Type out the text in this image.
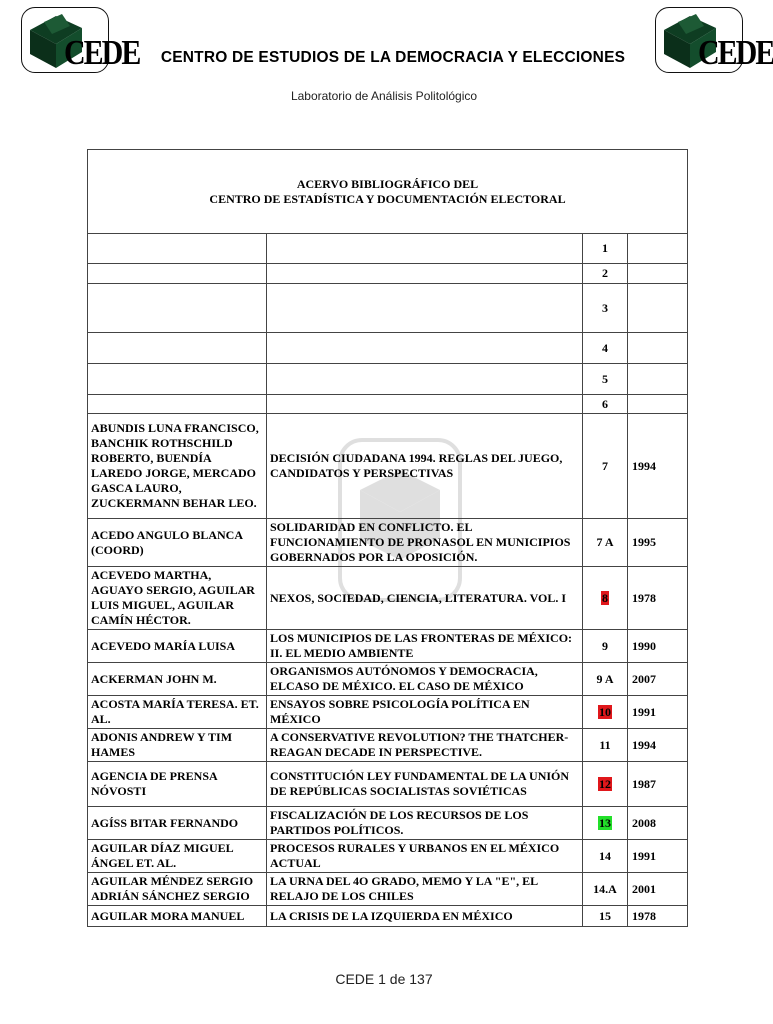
CEDE	CENTRO DE ESTUDIOS DE LA DEMOCRACIA Y ELECCIONES	CEDE
Laboratorio de Análisis Politológico
ACERVO BIBLIOGRÁFICO DEL
CENTRO DE ESTADÍSTICA Y DOCUMENTACIÓN ELECTORAL			

		1	
		2	
		3	
		4	
		5	
		6	
ABUNDIS LUNA FRANCISCO, BANCHIK ROTHSCHILD ROBERTO, BUENDÍA LAREDO JORGE, MERCADO GASCA LAURO, ZUCKERMANN BEHAR LEO.	DECISIÓN CIUDADANA 1994. REGLAS DEL JUEGO, CANDIDATOS Y PERSPECTIVAS	7	1994
ACEDO ANGULO BLANCA (COORD)	SOLIDARIDAD EN CONFLICTO. EL FUNCIONAMIENTO DE PRONASOL EN MUNICIPIOS GOBERNADOS POR LA OPOSICIÓN.	7 A	1995
ACEVEDO MARTHA, AGUAYO SERGIO, AGUILAR LUIS MIGUEL, AGUILAR CAMÍN HÉCTOR.	NEXOS, SOCIEDAD, CIENCIA, LITERATURA. VOL. I	8	1978
ACEVEDO MARÍA LUISA	LOS MUNICIPIOS DE LAS FRONTERAS DE MÉXICO: II. EL MEDIO AMBIENTE	9	1990
ACKERMAN JOHN M.	ORGANISMOS AUTÓNOMOS Y DEMOCRACIA, ELCASO DE MÉXICO. EL CASO DE MÉXICO	9 A	2007
ACOSTA MARÍA TERESA. ET. AL.	ENSAYOS SOBRE PSICOLOGÍA POLÍTICA EN MÉXICO	10	1991
ADONIS ANDREW Y TIM HAMES	A CONSERVATIVE REVOLUTION? THE THATCHER-REAGAN DECADE IN PERSPECTIVE.	11	1994
AGENCIA DE PRENSA NÓVOSTI	CONSTITUCIÓN LEY FUNDAMENTAL DE LA UNIÓN DE REPÚBLICAS SOCIALISTAS SOVIÉTICAS	12	1987
AGÍSS BITAR FERNANDO	FISCALIZACIÓN DE LOS RECURSOS DE LOS PARTIDOS POLÍTICOS.	13	2008
AGUILAR DÍAZ MIGUEL ÁNGEL ET. AL.	PROCESOS RURALES Y URBANOS EN EL MÉXICO ACTUAL	14	1991
AGUILAR MÉNDEZ SERGIO ADRIÁN SÁNCHEZ SERGIO	LA URNA DEL 4O GRADO, MEMO Y LA "E", EL RELAJO DE LOS CHILES	14.A	2001
AGUILAR MORA MANUEL	LA CRISIS DE LA IZQUIERDA EN MÉXICO	15	1978
CEDE 1 de 137
